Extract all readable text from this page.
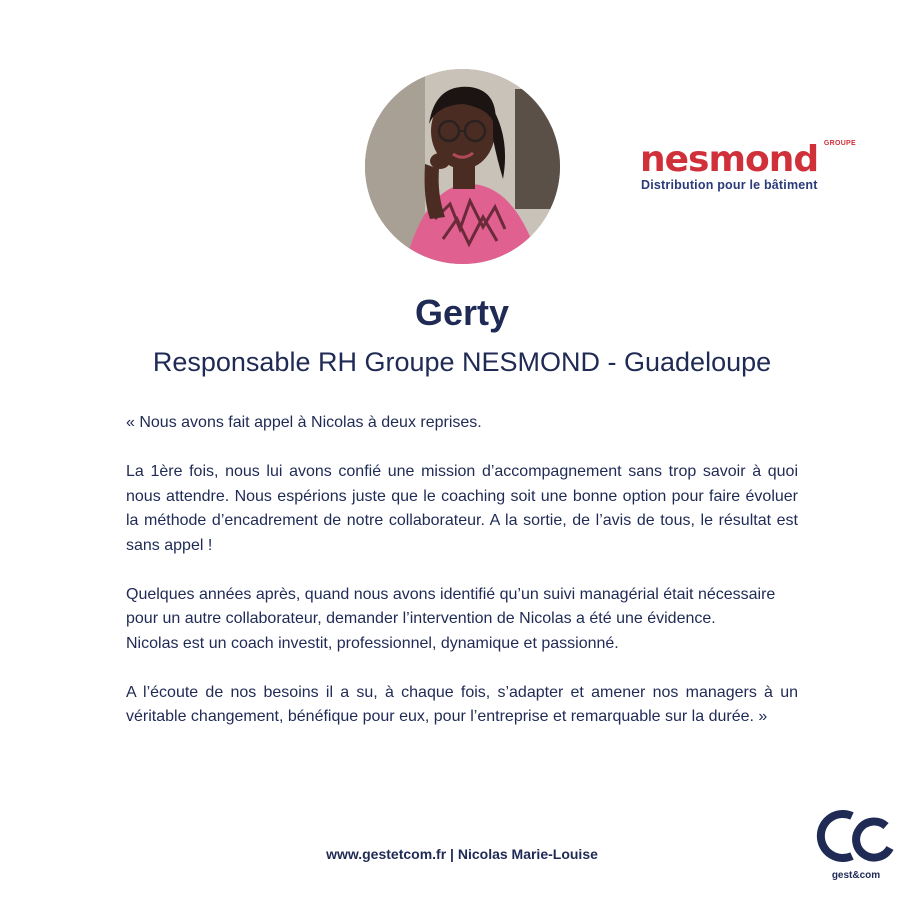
nesmond GROUPE
Distribution pour le bâtiment
Gerty
Responsable RH Groupe NESMOND - Guadeloupe

« Nous avons fait appel à Nicolas à deux reprises.

La 1ère fois, nous lui avons confié une mission d’accompagnement sans trop savoir à quoi nous attendre. Nous espérions juste que le coaching soit une bonne option pour faire évoluer la méthode d’encadrement de notre collaborateur. A la sortie, de l’avis de tous, le résultat est sans appel !

Quelques années après, quand nous avons identifié qu’un suivi managérial était nécessaire pour un autre collaborateur, demander l’intervention de Nicolas a été une évidence.

Nicolas est un coach investit, professionnel, dynamique et passionné.

A l’écoute de nos besoins il a su, à chaque fois, s’adapter et amener nos managers à un véritable changement, bénéfique pour eux, pour l’entreprise et remarquable sur la durée. »

www.gestetcom.fr | Nicolas Marie-Louise
gest&com
